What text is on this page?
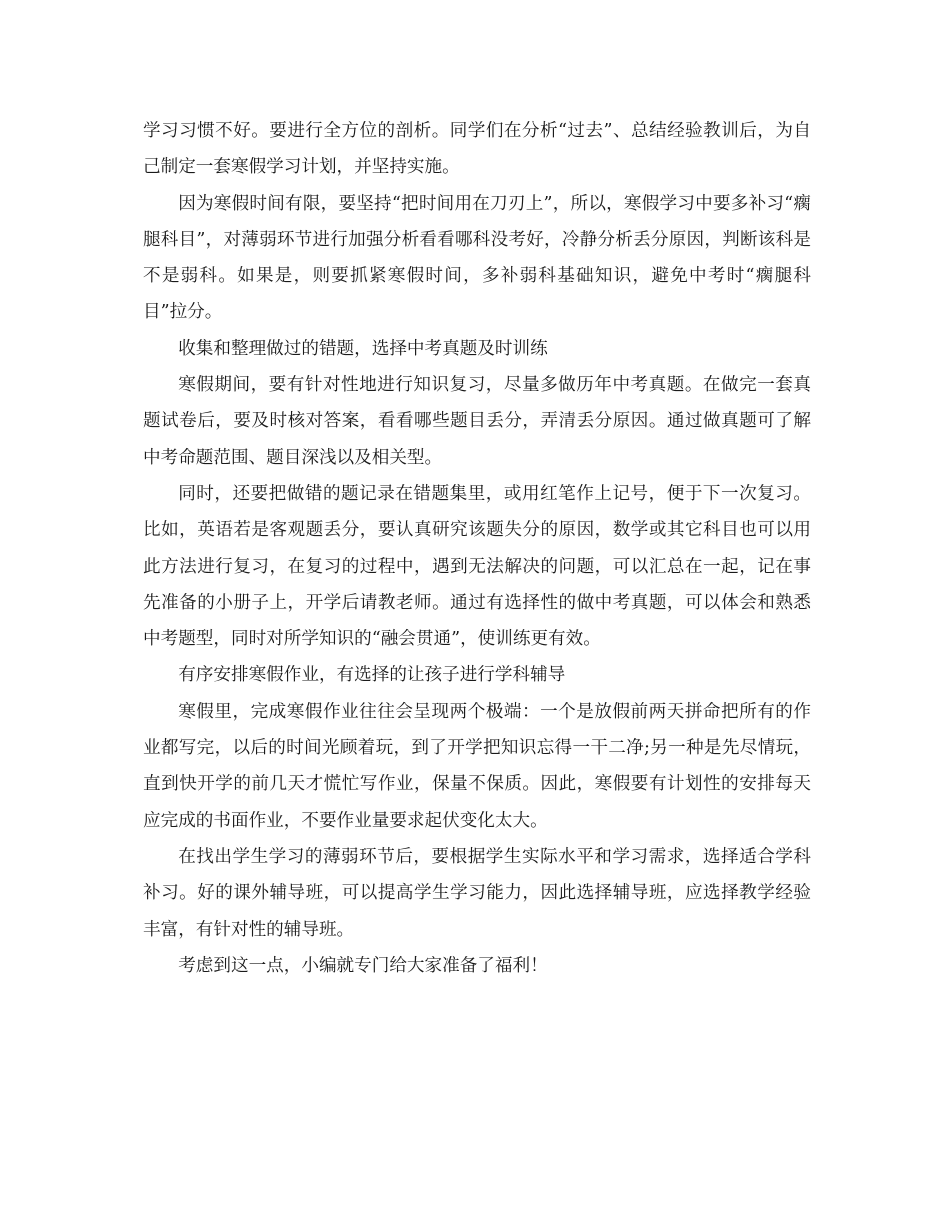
学习习惯不好。要进行全方位的剖析。同学们在分析“过去”、总结经验教训后，为自己制定一套寒假学习计划，并坚持实施。

因为寒假时间有限，要坚持“把时间用在刀刃上”，所以，寒假学习中要多补习“瘸腿科目”，对薄弱环节进行加强分析看看哪科没考好，冷静分析丢分原因，判断该科是不是弱科。如果是，则要抓紧寒假时间，多补弱科基础知识，避免中考时“瘸腿科目”拉分。

收集和整理做过的错题，选择中考真题及时训练

寒假期间，要有针对性地进行知识复习，尽量多做历年中考真题。在做完一套真题试卷后，要及时核对答案，看看哪些题目丢分，弄清丢分原因。通过做真题可了解中考命题范围、题目深浅以及相关型。

同时，还要把做错的题记录在错题集里，或用红笔作上记号，便于下一次复习。比如，英语若是客观题丢分，要认真研究该题失分的原因，数学或其它科目也可以用此方法进行复习，在复习的过程中，遇到无法解决的问题，可以汇总在一起，记在事先准备的小册子上，开学后请教老师。通过有选择性的做中考真题，可以体会和熟悉中考题型，同时对所学知识的“融会贯通”，使训练更有效。

有序安排寒假作业，有选择的让孩子进行学科辅导

寒假里，完成寒假作业往往会呈现两个极端：一个是放假前两天拼命把所有的作业都写完，以后的时间光顾着玩，到了开学把知识忘得一干二净;另一种是先尽情玩，直到快开学的前几天才慌忙写作业，保量不保质。因此，寒假要有计划性的安排每天应完成的书面作业，不要作业量要求起伏变化太大。

在找出学生学习的薄弱环节后，要根据学生实际水平和学习需求，选择适合学科补习。好的课外辅导班，可以提高学生学习能力，因此选择辅导班，应选择教学经验丰富，有针对性的辅导班。

考虑到这一点，小编就专门给大家准备了福利！
